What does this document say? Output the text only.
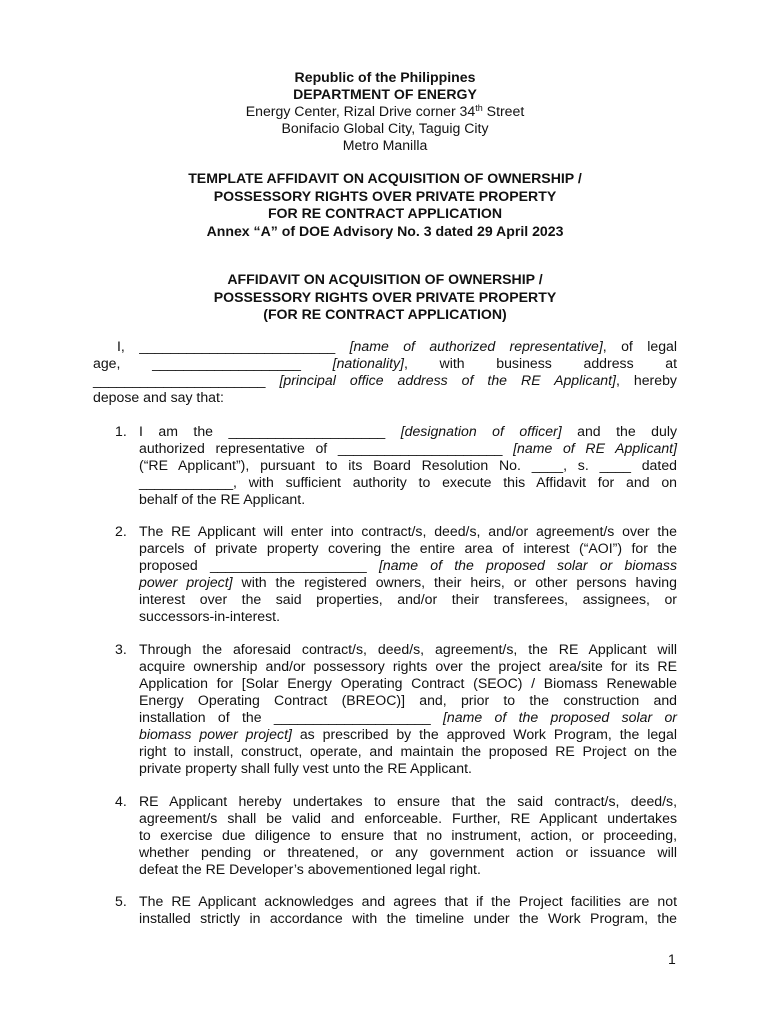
Republic of the Philippines
DEPARTMENT OF ENERGY
Energy Center, Rizal Drive corner 34th Street
Bonifacio Global City, Taguig City
Metro Manilla
TEMPLATE AFFIDAVIT ON ACQUISITION OF OWNERSHIP /
POSSESSORY RIGHTS OVER PRIVATE PROPERTY
FOR RE CONTRACT APPLICATION
Annex “A” of DOE Advisory No. 3 dated 29 April 2023
AFFIDAVIT ON ACQUISITION OF OWNERSHIP /
POSSESSORY RIGHTS OVER PRIVATE PROPERTY
(FOR RE CONTRACT APPLICATION)
I, _________________________ [name of authorized representative], of legal
age, ___________________ [nationality], with business address at
______________________ [principal office address of the RE Applicant], hereby
depose and say that:
1. I am the ____________________ [designation of officer] and the duly
authorized representative of _____________________ [name of RE Applicant]
(“RE Applicant”), pursuant to its Board Resolution No. ____, s. ____ dated
____________, with sufficient authority to execute this Affidavit for and on
behalf of the RE Applicant.
2. The RE Applicant will enter into contract/s, deed/s, and/or agreement/s over the
parcels of private property covering the entire area of interest (“AOI”) for the
proposed ____________________ [name of the proposed solar or biomass
power project] with the registered owners, their heirs, or other persons having
interest over the said properties, and/or their transferees, assignees, or
successors-in-interest.
3. Through the aforesaid contract/s, deed/s, agreement/s, the RE Applicant will
acquire ownership and/or possessory rights over the project area/site for its RE
Application for [Solar Energy Operating Contract (SEOC) / Biomass Renewable
Energy Operating Contract (BREOC)] and, prior to the construction and
installation of the ____________________ [name of the proposed solar or
biomass power project] as prescribed by the approved Work Program, the legal
right to install, construct, operate, and maintain the proposed RE Project on the
private property shall fully vest unto the RE Applicant.
4. RE Applicant hereby undertakes to ensure that the said contract/s, deed/s,
agreement/s shall be valid and enforceable. Further, RE Applicant undertakes
to exercise due diligence to ensure that no instrument, action, or proceeding,
whether pending or threatened, or any government action or issuance will
defeat the RE Developer’s abovementioned legal right.
5. The RE Applicant acknowledges and agrees that if the Project facilities are not
installed strictly in accordance with the timeline under the Work Program, the
1
